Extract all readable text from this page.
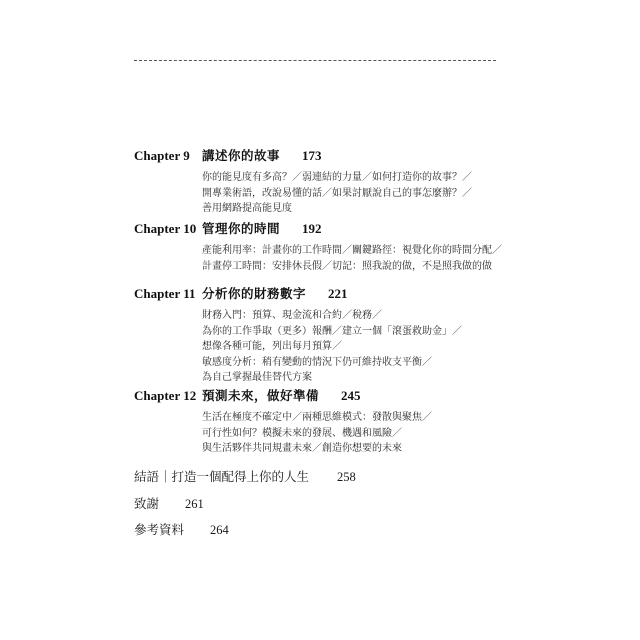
Chapter 9 講述你的故事 173
你的能見度有多高？／弱連結的力量／如何打造你的故事？／
開專業術語，改說易懂的話／如果討厭說自己的事怎麼辦？／
善用網路提高能見度
Chapter 10 管理你的時間 192
產能利用率：計畫你的工作時間／關鍵路徑：視覺化你的時間分配／
計畫停工時間：安排休長假／切記：照我說的做，不是照我做的做
Chapter 11 分析你的財務數字 221
財務入門：預算、現金流和合約／稅務／
為你的工作爭取（更多）報酬／建立一個「滾蛋救助金」／
想像各種可能，列出每月預算／
敏感度分析：稍有變動的情況下仍可維持收支平衡／
為自己掌握最佳替代方案
Chapter 12 預測未來，做好準備 245
生活在極度不確定中／兩種思維模式：發散與聚焦／
可行性如何？模擬未來的發展、機遇和風險／
與生活夥伴共同規畫未來／創造你想要的未來
結語｜打造一個配得上你的人生 258
致謝 261
參考資料 264
